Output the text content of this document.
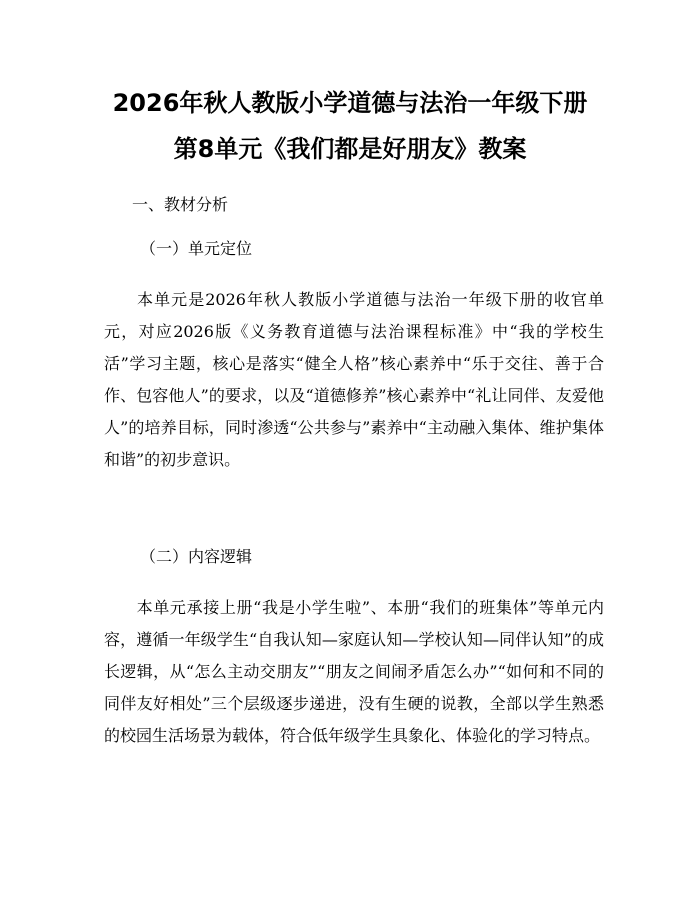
2026年秋人教版小学道德与法治一年级下册
第8单元《我们都是好朋友》教案

一、教材分析

（一）单元定位

本单元是2026年秋人教版小学道德与法治一年级下册的收官单元，对应2026版《义务教育道德与法治课程标准》中“我的学校生活”学习主题，核心是落实“健全人格”核心素养中“乐于交往、善于合作、包容他人”的要求，以及“道德修养”核心素养中“礼让同伴、友爱他人”的培养目标，同时渗透“公共参与”素养中“主动融入集体、维护集体和谐”的初步意识。

（二）内容逻辑

本单元承接上册“我是小学生啦”、本册“我们的班集体”等单元内容，遵循一年级学生“自我认知—家庭认知—学校认知—同伴认知”的成长逻辑，从“怎么主动交朋友”“朋友之间闹矛盾怎么办”“如何和不同的同伴友好相处”三个层级逐步递进，没有生硬的说教，全部以学生熟悉的校园生活场景为载体，符合低年级学生具象化、体验化的学习特点。
